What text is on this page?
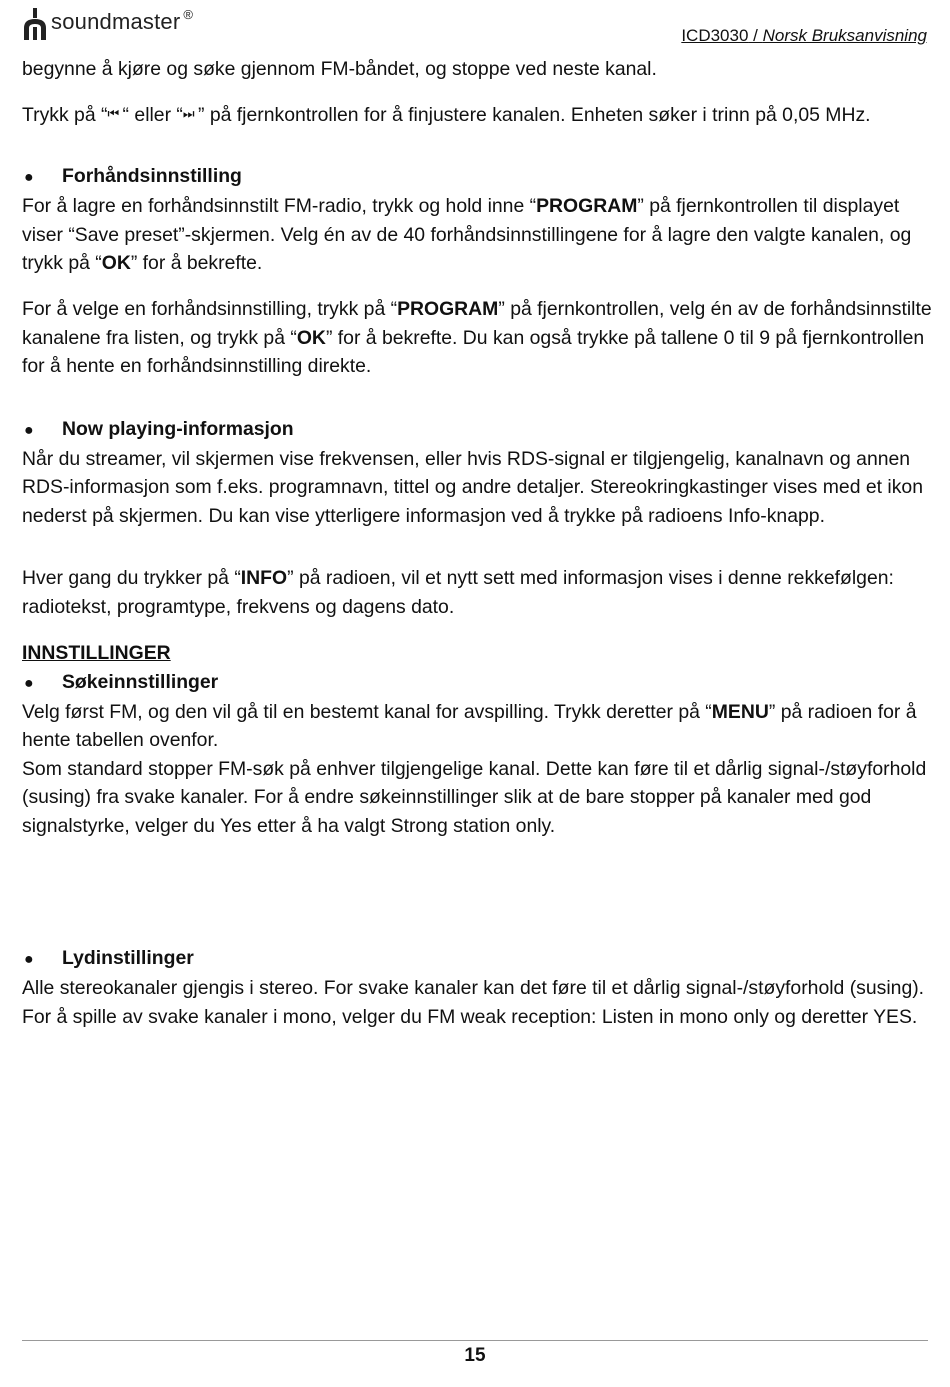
soundmaster ®
ICD3030 / Norsk Bruksanvisning

begynne å kjøre og søke gjennom FM-båndet, og stoppe ved neste kanal.

Trykk på “⏮ “ eller “⏭ ” på fjernkontrollen for å finjustere kanalen. Enheten søker i trinn på 0,05 MHz.

●	Forhåndsinnstilling

For å lagre en forhåndsinnstilt FM-radio, trykk og hold inne “PROGRAM” på fjernkontrollen til displayet viser “Save preset”-skjermen. Velg én av de 40 forhåndsinnstillingene for å lagre den valgte kanalen, og trykk på “OK” for å bekrefte.

For å velge en forhåndsinnstilling, trykk på “PROGRAM” på fjernkontrollen, velg én av de forhåndsinnstilte kanalene fra listen, og trykk på “OK” for å bekrefte. Du kan også trykke på tallene 0 til 9 på fjernkontrollen for å hente en forhåndsinnstilling direkte.

●	Now playing-informasjon

Når du streamer, vil skjermen vise frekvensen, eller hvis RDS-signal er tilgjengelig, kanalnavn og annen RDS-informasjon som f.eks. programnavn, tittel og andre detaljer. Stereokringkastinger vises med et ikon nederst på skjermen. Du kan vise ytterligere informasjon ved å trykke på radioens Info-knapp.

Hver gang du trykker på “INFO” på radioen, vil et nytt sett med informasjon vises i denne rekkefølgen: radiotekst, programtype, frekvens og dagens dato.

INNSTILLINGER

●	Søkeinnstillinger

Velg først FM, og den vil gå til en bestemt kanal for avspilling. Trykk deretter på “MENU” på radioen for å hente tabellen ovenfor.

Som standard stopper FM-søk på enhver tilgjengelige kanal. Dette kan føre til et dårlig signal-/støyforhold (susing) fra svake kanaler. For å endre søkeinnstillinger slik at de bare stopper på kanaler med god signalstyrke, velger du Yes etter å ha valgt Strong station only.

●	Lydinstillinger

Alle stereokanaler gjengis i stereo. For svake kanaler kan det føre til et dårlig signal-/støyforhold (susing). For å spille av svake kanaler i mono, velger du FM weak reception: Listen in mono only og deretter YES.

15
